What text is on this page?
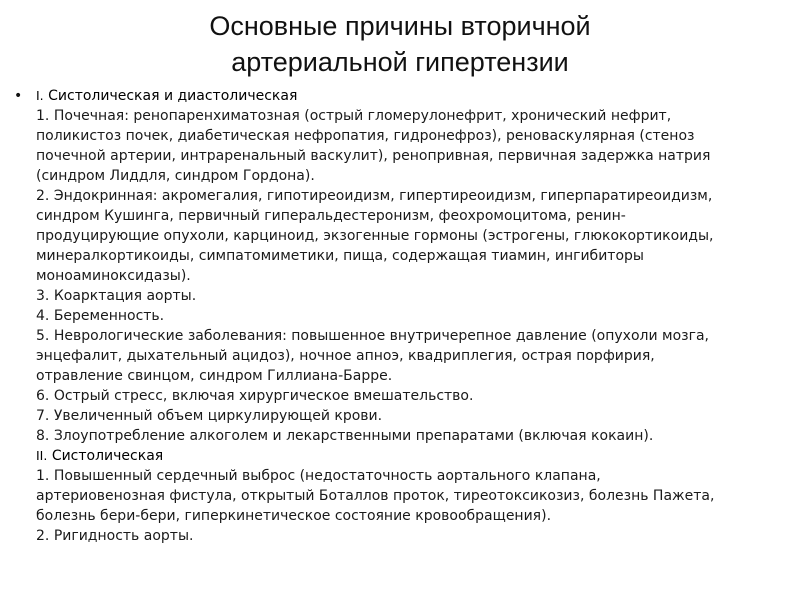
Основные причины вторичной
артериальной гипертензии
• I. Систолическая и диастолическая
1. Почечная: ренопаренхиматозная (острый гломерулонефрит, хронический нефрит,
поликистоз почек, диабетическая нефропатия, гидронефроз), реноваскулярная (стеноз
почечной артерии, интраренальный васкулит), ренопривная, первичная задержка натрия
(синдром Лиддля, синдром Гордона).
2. Эндокринная: акромегалия, гипотиреоидизм, гипертиреоидизм, гиперпаратиреоидизм,
синдром Кушинга, первичный гиперальдестеронизм, феохромоцитома, ренин-
продуцирующие опухоли, карциноид, экзогенные гормоны (эстрогены, глюкокортикоиды,
минералкортикоиды, симпатомиметики, пища, содержащая тиамин, ингибиторы
моноаминоксидазы).
3. Коарктация аорты.
4. Беременность.
5. Неврологические заболевания: повышенное внутричерепное давление (опухоли мозга,
энцефалит, дыхательный ацидоз), ночное апноэ, квадриплегия, острая порфирия,
отравление свинцом, синдром Гиллиана-Барре.
6. Острый стресс, включая хирургическое вмешательство.
7. Увеличенный объем циркулирующей крови.
8. Злоупотребление алкоголем и лекарственными препаратами (включая кокаин).
II. Систолическая
1. Повышенный сердечный выброс (недостаточность аортального клапана,
артериовенозная фистула, открытый Боталлов проток, тиреотоксикозиз, болезнь Пажета,
болезнь бери-бери, гиперкинетическое состояние кровообращения).
2. Ригидность аорты.
